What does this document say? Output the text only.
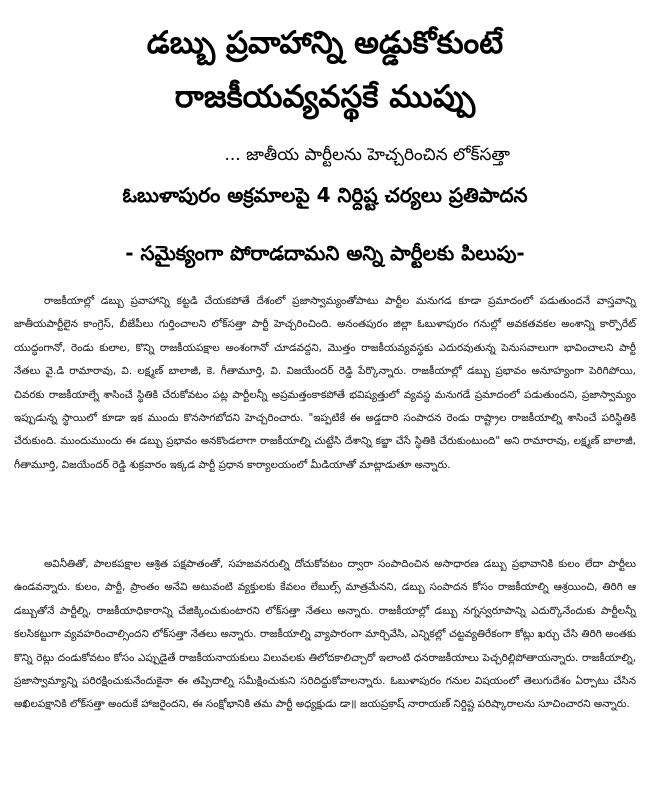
డబ్బు ప్రవాహాన్ని అడ్డుకోకుంటే
రాజకీయవ్యవస్థకే ముప్పు
... జాతీయ పార్టీలను హెచ్చరించిన లోక్‌సత్తా
ఓబుళాపురం అక్రమాలపై 4 నిర్దిష్ట చర్యలు ప్రతిపాదన
- సమైక్యంగా పోరాడదామని అన్ని పార్టీలకు పిలుపు-

రాజకీయాల్లో డబ్బు ప్రవాహాన్ని కట్టడి చేయకపోతే దేశంలో ప్రజాస్వామ్యంతోపాటు పార్టీల మనుగడ కూడా ప్రమాదంలో పడుతుందనే వాస్తవాన్ని జాతీయపార్టీలైన కాంగ్రెస్, బీజేపీలు గుర్తించాలని లోక్‌సత్తా పార్టీ హెచ్చరించింది. అనంతపురం జిల్లా ఓబుళాపురం గనుల్లో అవకతవకల అంశాన్ని కార్పొరేట్ యుద్ధంగానో, రెండు కులాల, కొన్ని రాజకీయపక్షాల అంశంగానో చూడవద్దని, మొత్తం రాజకీయవ్యవస్థకు ఎదురవుతున్న పెనుసవాలుగా భావించాలని పార్టీ నేతలు వై.డి రామారావు, వి. లక్ష్మణ్ బాలాజీ, కె. గీతామూర్తి, వి. విజయేందర్ రెడ్డి పేర్కొన్నారు. రాజకీయాల్లో డబ్బు ప్రభావం అనూహ్యంగా పెరిగిపోయి, చివరకు రాజకీయాల్నే శాసించే స్థితికి చేరుకోవటం పట్ల పార్టీలన్నీ అప్రమత్తంకాకపోతే భవిష్యత్తులో వ్యవస్థ మనుగడే ప్రమాదంలో పడుతుందని, ప్రజాస్వామ్యం ఇప్పుడున్న స్థాయిలో కూడా ఇక ముందు కొనసాగబోదని హెచ్చరించారు. "ఇప్పటికే ఈ అడ్డదారి సంపాదన రెండు రాష్ట్రాల రాజకీయాల్ని శాసించే పరిస్థితికి చేరుకుంది. ముందుముందు ఈ డబ్బు ప్రభావం అనకొండలాగా రాజకీయాల్ని చుట్టేసి దేశాన్ని కబ్జా చేసే స్థితికి చేరుకుంటుంది" అని రామారావు, లక్ష్మణ్ బాలాజీ, గీతామూర్తి, విజయేందర్ రెడ్డి శుక్రవారం ఇక్కడ పార్టీ ప్రధాన కార్యాలయంలో మీడియాతో మాట్లాడుతూ అన్నారు.

అవినీతితో, పాలకపక్షాల ఆశ్రిత పక్షపాతంతో, సహజవనరుల్ని దోచుకోవటం ద్వారా సంపాదించిన అసాధారణ డబ్బు ప్రభావానికి కులం లేదా పార్టీలు ఉండవన్నారు. కులం, పార్టీ, ప్రాంతం అనేవి అటువంటి వ్యక్తులకు కేవలం లేబుల్స్ మాత్రమేనని, డబ్బు సంపాదన కోసం రాజకీయాల్ని ఆశ్రయించి, తిరిగి ఆ డబ్బుతోనే పార్టీల్ని, రాజకీయాధికారాన్ని చేజిక్కించుకుంటారని లోక్‌సత్తా నేతలు అన్నారు. రాజకీయాల్లో డబ్బు నగ్నస్వరూపాన్ని ఎదుర్కొనేందుకు పార్టీలన్నీ కలసికట్టుగా వ్యవహరించాల్సిందని లోక్‌సత్తా నేతలు అన్నారు. రాజకీయాల్ని వ్యాపారంగా మార్చివేసి, ఎన్నికల్లో చట్టవ్యతిరేకంగా కోట్లు ఖర్చు చేసి తిరిగి అంతకు కొన్ని రెట్లు దండుకోవటం కోసం ఎప్పుడైతే రాజకీయనాయకులు విలువలకు తిలోదకాలిచ్చారో ఇలాంటి ధనరాజకీయాలు పెచ్చరిల్లిపోతాయన్నారు. రాజకీయాల్ని, ప్రజాస్వామ్యాన్ని పరిరక్షించుకునేందుకైనా ఈ తప్పిదాల్ని సమీక్షించుకుని సరిదిద్దుకోవాలన్నారు. ఓబుళాపురం గనుల విషయంలో తెలుగుదేశం ఏర్పాటు చేసిన అఖిలపక్షానికి లోక్‌సత్తా అందుకే హాజరైందని, ఈ సంక్షోభానికి తమ పార్టీ అధ్యక్షుడు డా॥ జయప్రకాష్ నారాయణ్ నిర్దిష్ట పరిష్కారాలను సూచించారని అన్నారు.
